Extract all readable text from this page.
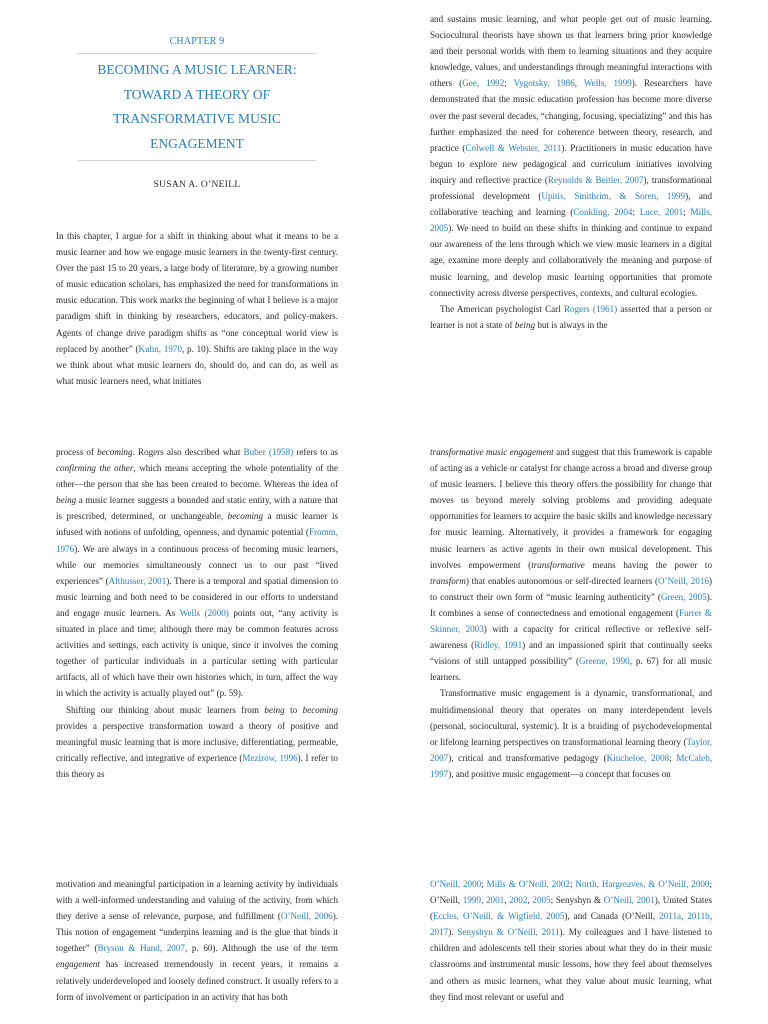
CHAPTER 9
BECOMING A MUSIC LEARNER:
TOWARD A THEORY OF
TRANSFORMATIVE MUSIC
ENGAGEMENT
SUSAN A. O’NEILL

In this chapter, I argue for a shift in thinking about what it means to be a music learner and how we engage music learners in the twenty-first century. Over the past 15 to 20 years, a large body of literature, by a growing number of music education scholars, has emphasized the need for transformations in music education. This work marks the beginning of what I believe is a major paradigm shift in thinking by researchers, educators, and policy-makers. Agents of change drive paradigm shifts as “one conceptual world view is replaced by another” (Kuhn, 1970, p. 10). Shifts are taking place in the way we think about what music learners do, should do, and can do, as well as what music learners need, what initiates

and sustains music learning, and what people get out of music learning. Sociocultural theorists have shown us that learners bring prior knowledge and their personal worlds with them to learning situations and they acquire knowledge, values, and understandings through meaningful interactions with others (Gee, 1992; Vygotsky, 1986, Wells, 1999). Researchers have demonstrated that the music education profession has become more diverse over the past several decades, “changing, focusing, specializing” and this has further emphasized the need for coherence between theory, research, and practice (Colwell & Webster, 2011). Practitioners in music education have begun to explore new pedagogical and curriculum initiatives involving inquiry and reflective practice (Reynolds & Beitler, 2007), transformational professional development (Upitis, Smithrim, & Soren, 1999), and collaborative teaching and learning (Conkling, 2004; Luce, 2001; Mills, 2005). We need to build on these shifts in thinking and continue to expand our awareness of the lens through which we view music learners in a digital age, examine more deeply and collaboratively the meaning and purpose of music learning, and develop music learning opportunities that promote connectivity across diverse perspectives, contexts, and cultural ecologies.

The American psychologist Carl Rogers (1961) asserted that a person or learner is not a state of being but is always in the

process of becoming. Rogers also described what Buber (1958) refers to as confirming the other, which means accepting the whole potentiality of the other—the person that she has been created to become. Whereas the idea of being a music learner suggests a bounded and static entity, with a nature that is prescribed, determined, or unchangeable, becoming a music learner is infused with notions of unfolding, openness, and dynamic potential (Fromm, 1976). We are always in a continuous process of becoming music learners, while our memories simultaneously connect us to our past “lived experiences” (Althusser, 2001). There is a temporal and spatial dimension to music learning and both need to be considered in our efforts to understand and engage music learners. As Wells (2000) points out, “any activity is situated in place and time; although there may be common features across activities and settings, each activity is unique, since it involves the coming together of particular individuals in a particular setting with particular artifacts, all of which have their own histories which, in turn, affect the way in which the activity is actually played out” (p. 59).

Shifting our thinking about music learners from being to becoming provides a perspective transformation toward a theory of positive and meaningful music learning that is more inclusive, differentiating, permeable, critically reflective, and integrative of experience (Mezirow, 1996). I refer to this theory as

transformative music engagement and suggest that this framework is capable of acting as a vehicle or catalyst for change across a broad and diverse group of music learners. I believe this theory offers the possibility for change that moves us beyond merely solving problems and providing adequate opportunities for learners to acquire the basic skills and knowledge necessary for music learning. Alternatively, it provides a framework for engaging music learners as active agents in their own musical development. This involves empowerment (transformative means having the power to transform) that enables autonomous or self-directed learners (O’Neill, 2016) to construct their own form of “music learning authenticity” (Green, 2005). It combines a sense of connectedness and emotional engagement (Furrer & Skinner, 2003) with a capacity for critical reflective or reflexive self-awareness (Ridley, 1991) and an impassioned spirit that continually seeks “visions of still untapped possibility” (Greene, 1990, p. 67) for all music learners.

Transformative music engagement is a dynamic, transformational, and multidimensional theory that operates on many interdependent levels (personal, sociocultural, systemic). It is a braiding of psychodevelopmental or lifelong learning perspectives on transformational learning theory (Taylor, 2007), critical and transformative pedagogy (Kincheloe, 2008; McCaleb, 1997), and positive music engagement—a concept that focuses on

motivation and meaningful participation in a learning activity by individuals with a well-informed understanding and valuing of the activity, from which they derive a sense of relevance, purpose, and fulfillment (O’Neill, 2006). This notion of engagement “underpins learning and is the glue that binds it together” (Bryson & Hand, 2007, p. 60). Although the use of the term engagement has increased tremendously in recent years, it remains a relatively underdeveloped and loosely defined construct. It usually refers to a form of involvement or participation in an activity that has both

O’Neill, 2000; Mills & O’Neill, 2002; North, Hargreaves, & O’Neill, 2000; O’Neill, 1999, 2001, 2002, 2005; Senyshyn & O’Neill, 2001), United States (Eccles, O’Neill, & Wigfield, 2005), and Canada (O’Neill, 2011a, 2011b, 2017). Senyshyn & O’Neill, 2011). My colleagues and I have listened to children and adolescents tell their stories about what they do in their music classrooms and instrumental music lessons, how they feel about themselves and others as music learners, what they value about music learning, what they find most relevant or useful and
